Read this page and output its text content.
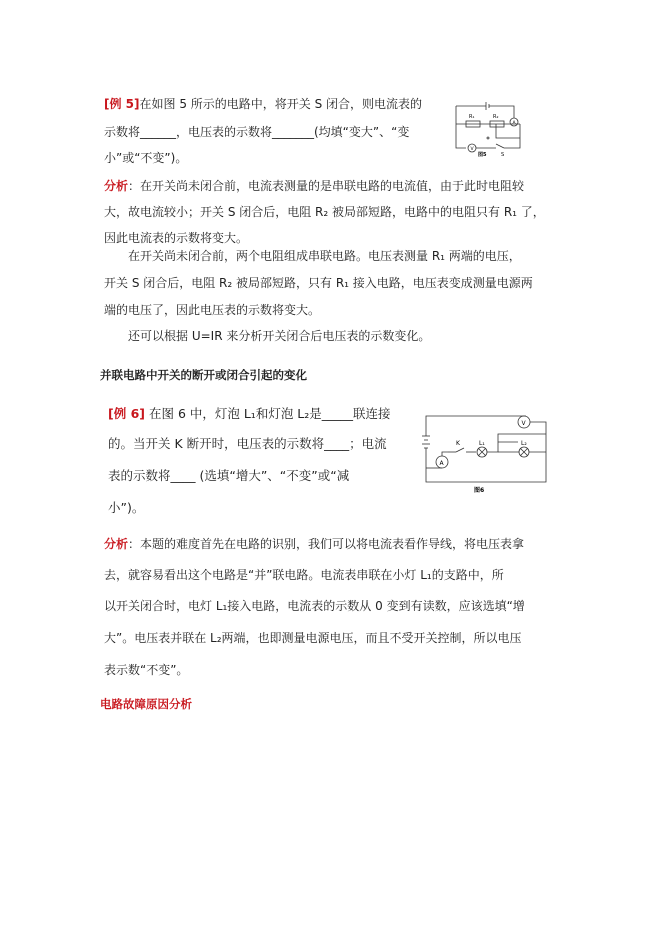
[例 5]在如图 5 所示的电路中，将开关 S 闭合，则电流表的
示数将______，电压表的示数将_______(均填“变大”、“变
小”或“不变”)。
R₁	R₂
A
V
S
图5
分析：在开关尚未闭合前，电流表测量的是串联电路的电流值，由于此时电阻较
大，故电流较小；开关 S 闭合后，电阻 R₂ 被局部短路，电路中的电阻只有 R₁ 了，
因此电流表的示数将变大。
在开关尚未闭合前，两个电阻组成串联电路。电压表测量 R₁ 两端的电压，
开关 S 闭合后，电阻 R₂ 被局部短路，只有 R₁ 接入电路，电压表变成测量电源两
端的电压了，因此电压表的示数将变大。
还可以根据 U=IR 来分析开关闭合后电压表的示数变化。
并联电路中开关的断开或闭合引起的变化
[例 6] 在图 6 中，灯泡 L₁和灯泡 L₂是_____联连接
的。当开关 K 断开时，电压表的示数将____；电流
表的示数将____ (选填“增大”、“不变”或“减
小”)。
V
A
K	L₁	L₂
图6
分析：本题的难度首先在电路的识别，我们可以将电流表看作导线，将电压表拿
去，就容易看出这个电路是“并”联电路。电流表串联在小灯 L₁的支路中，所
以开关闭合时，电灯 L₁接入电路，电流表的示数从 0 变到有读数，应该选填“增
大”。电压表并联在 L₂两端，也即测量电源电压，而且不受开关控制，所以电压
表示数“不变”。
电路故障原因分析
